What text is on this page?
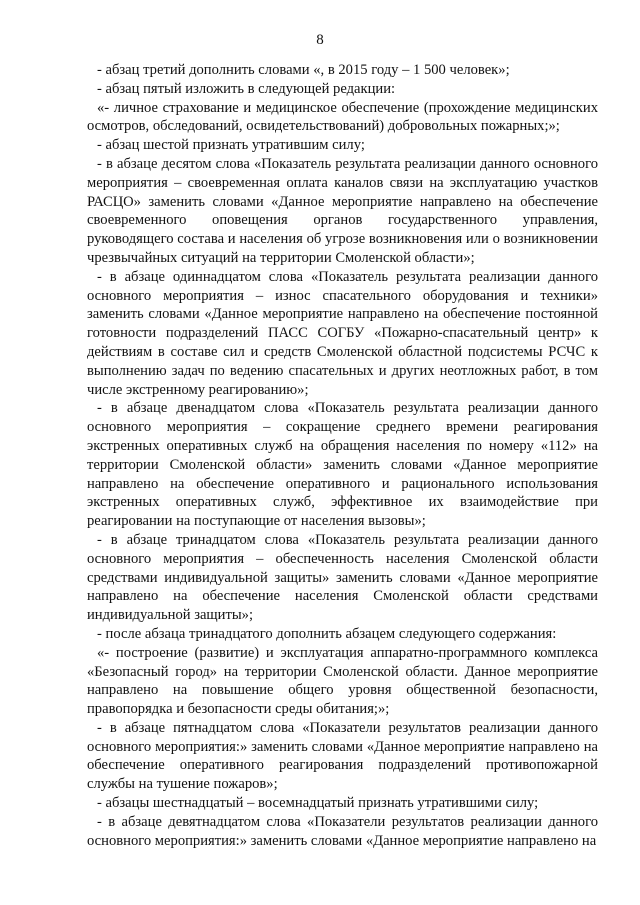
8

- абзац третий дополнить словами «, в 2015 году – 1 500 человек»;

- абзац пятый изложить в следующей редакции:

«- личное страхование и медицинское обеспечение (прохождение медицинских осмотров, обследований, освидетельствований) добровольных пожарных;»;

- абзац шестой признать утратившим силу;

- в абзаце десятом слова «Показатель результата реализации данного основного мероприятия – своевременная оплата каналов связи на эксплуатацию участков РАСЦО» заменить словами «Данное мероприятие направлено на обеспечение своевременного оповещения органов государственного управления, руководящего состава и населения об угрозе возникновения или о возникновении чрезвычайных ситуаций на территории Смоленской области»;

- в абзаце одиннадцатом слова «Показатель результата реализации данного основного мероприятия – износ спасательного оборудования и техники» заменить словами «Данное мероприятие направлено на обеспечение постоянной готовности подразделений ПАСС СОГБУ «Пожарно-спасательный центр» к действиям в составе сил и средств Смоленской областной подсистемы РСЧС к выполнению задач по ведению спасательных и других неотложных работ, в том числе экстренному реагированию»;

- в абзаце двенадцатом слова «Показатель результата реализации данного основного мероприятия – сокращение среднего времени реагирования экстренных оперативных служб на обращения населения по номеру «112» на территории Смоленской области» заменить словами «Данное мероприятие направлено на обеспечение оперативного и рационального использования экстренных оперативных служб, эффективное их взаимодействие при реагировании на поступающие от населения вызовы»;

- в абзаце тринадцатом слова «Показатель результата реализации данного основного мероприятия – обеспеченность населения Смоленской области средствами индивидуальной защиты» заменить словами «Данное мероприятие направлено на обеспечение населения Смоленской области средствами индивидуальной защиты»;

- после абзаца тринадцатого дополнить абзацем следующего содержания:

«- построение (развитие) и эксплуатация аппаратно-программного комплекса «Безопасный город» на территории Смоленской области. Данное мероприятие направлено на повышение общего уровня общественной безопасности, правопорядка и безопасности среды обитания;»;

- в абзаце пятнадцатом слова «Показатели результатов реализации данного основного мероприятия:» заменить словами «Данное мероприятие направлено на обеспечение оперативного реагирования подразделений противопожарной службы на тушение пожаров»;

- абзацы шестнадцатый – восемнадцатый признать утратившими силу;

- в абзаце девятнадцатом слова «Показатели результатов реализации данного основного мероприятия:» заменить словами «Данное мероприятие направлено на
